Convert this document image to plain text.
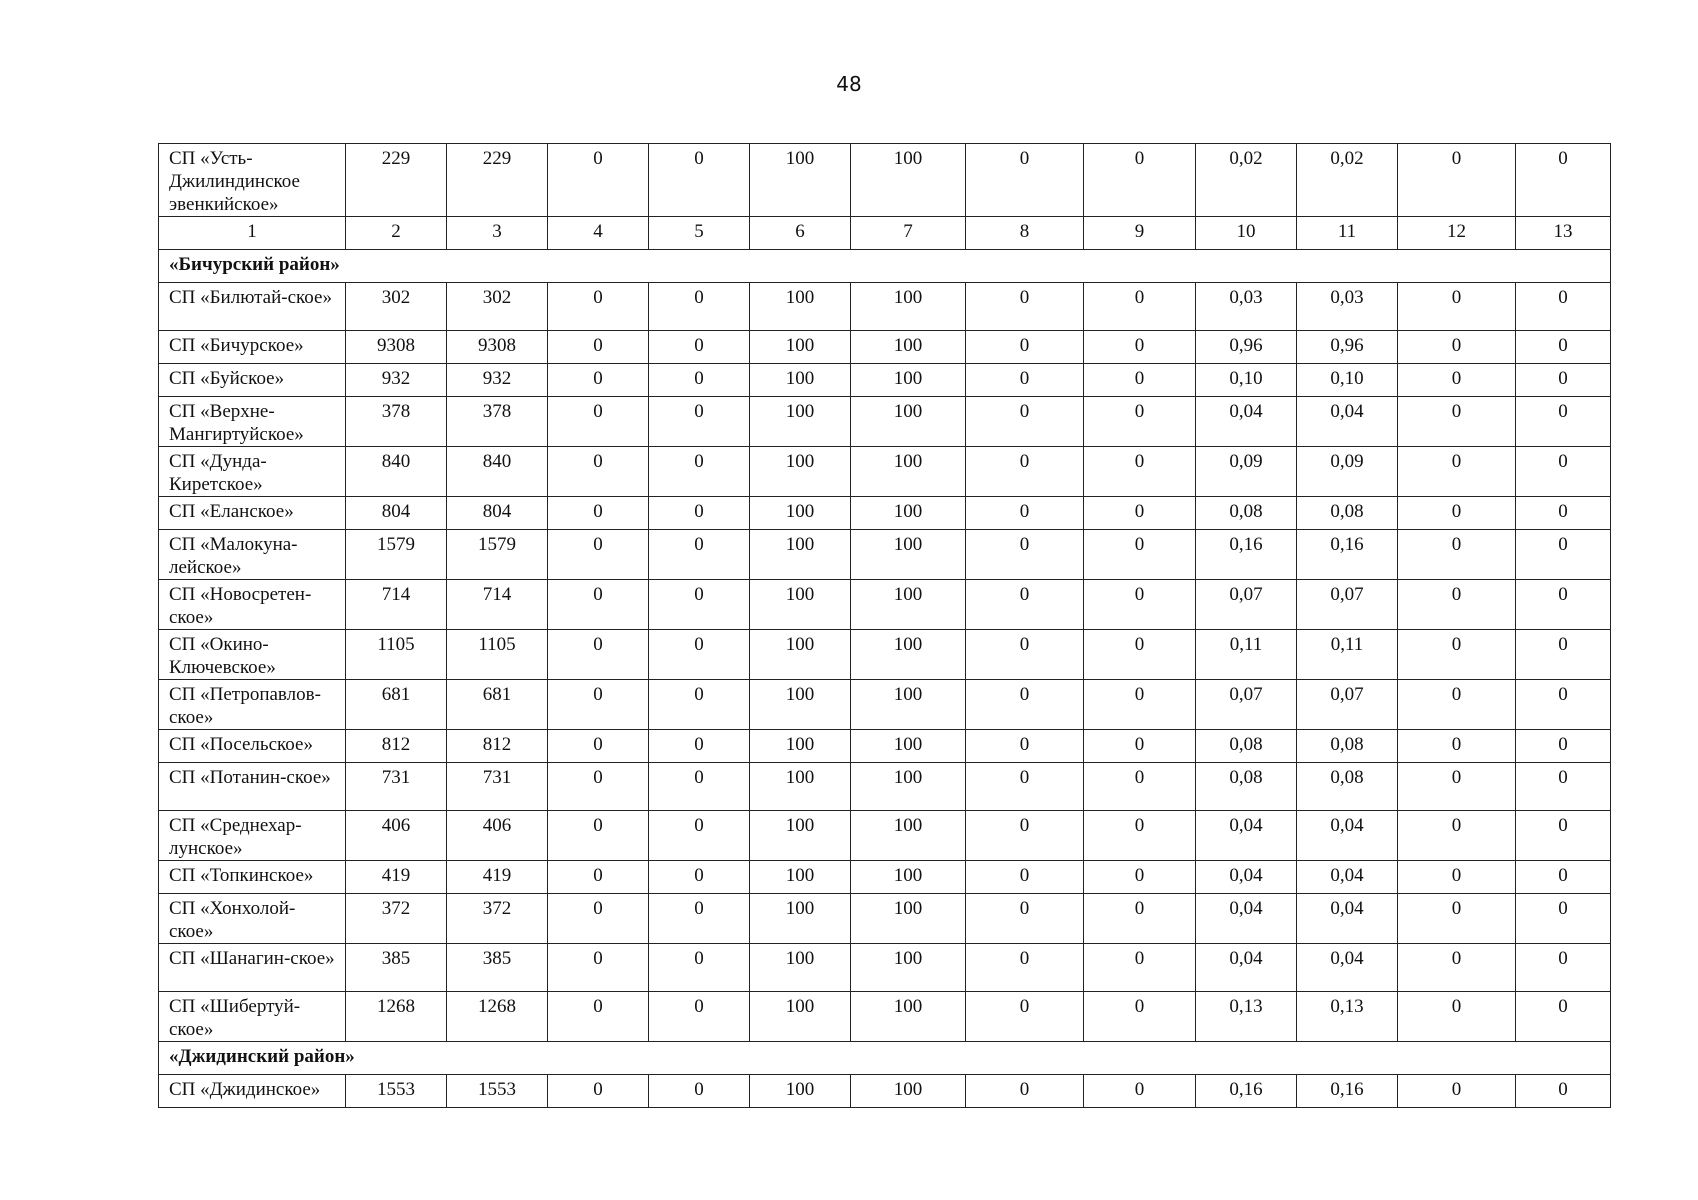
48
СП «Усть-Джилиндинское эвенкийское»	229	229	0	0	100	100	0	0	0,02	0,02	0	0
1	2	3	4	5	6	7	8	9	10	11	12	13
«Бичурский район»												
СП «Билютай-ское»	302	302	0	0	100	100	0	0	0,03	0,03	0	0
СП «Бичурское»	9308	9308	0	0	100	100	0	0	0,96	0,96	0	0
СП «Буйское»	932	932	0	0	100	100	0	0	0,10	0,10	0	0
СП «Верхне-Мангиртуйское»	378	378	0	0	100	100	0	0	0,04	0,04	0	0
СП «Дунда-Киретское»	840	840	0	0	100	100	0	0	0,09	0,09	0	0
СП «Еланское»	804	804	0	0	100	100	0	0	0,08	0,08	0	0
СП «Малокуна-лейское»	1579	1579	0	0	100	100	0	0	0,16	0,16	0	0
СП «Новосретен-ское»	714	714	0	0	100	100	0	0	0,07	0,07	0	0
СП «Окино-Ключевское»	1105	1105	0	0	100	100	0	0	0,11	0,11	0	0
СП «Петропавлов-ское»	681	681	0	0	100	100	0	0	0,07	0,07	0	0
СП «Посельское»	812	812	0	0	100	100	0	0	0,08	0,08	0	0
СП «Потанин-ское»	731	731	0	0	100	100	0	0	0,08	0,08	0	0
СП «Среднехар-лунское»	406	406	0	0	100	100	0	0	0,04	0,04	0	0
СП «Топкинское»	419	419	0	0	100	100	0	0	0,04	0,04	0	0
СП «Хонхолой-ское»	372	372	0	0	100	100	0	0	0,04	0,04	0	0
СП «Шанагин-ское»	385	385	0	0	100	100	0	0	0,04	0,04	0	0
СП «Шибертуй-ское»	1268	1268	0	0	100	100	0	0	0,13	0,13	0	0
«Джидинский район»												
СП «Джидинское»	1553	1553	0	0	100	100	0	0	0,16	0,16	0	0
